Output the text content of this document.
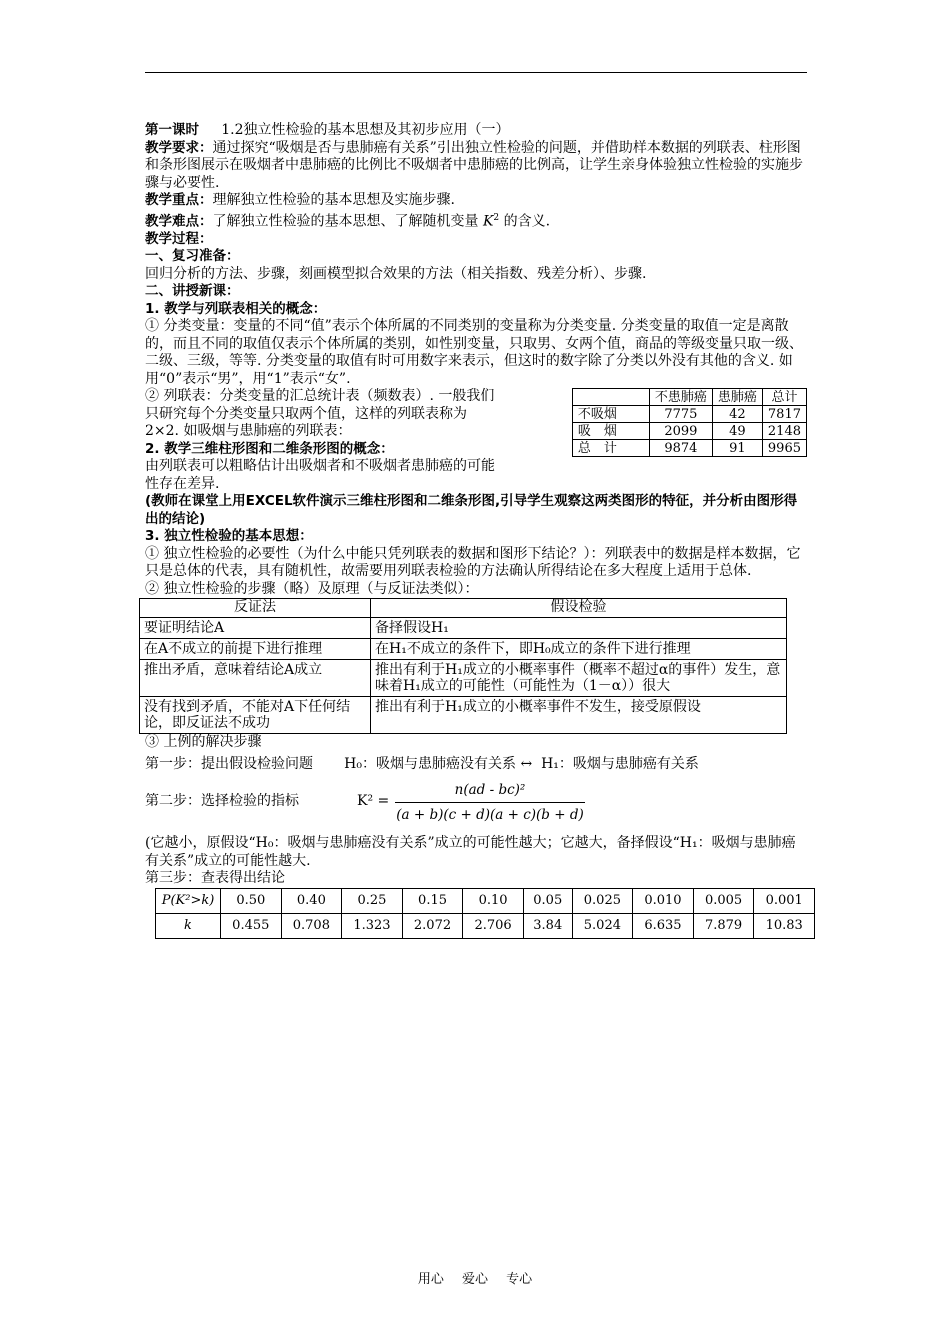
第一课时 1.2独立性检验的基本思想及其初步应用（一）

教学要求：通过探究“吸烟是否与患肺癌有关系”引出独立性检验的问题，并借助样本数据的列联表、柱形图和条形图展示在吸烟者中患肺癌的比例比不吸烟者中患肺癌的比例高，让学生亲身体验独立性检验的实施步骤与必要性.

教学重点：理解独立性检验的基本思想及实施步骤.

教学难点：了解独立性检验的基本思想、了解随机变量 $K^2$ 的含义.

教学过程：

一、复习准备：

回归分析的方法、步骤，刻画模型拟合效果的方法（相关指数、残差分析）、步骤.

二、讲授新课：

1. 教学与列联表相关的概念：

① 分类变量：变量的不同“值”表示个体所属的不同类别的变量称为分类变量. 分类变量的取值一定是离散的，而且不同的取值仅表示个体所属的类别，如性别变量，只取男、女两个值，商品的等级变量只取一级、二级、三级，等等. 分类变量的取值有时可用数字来表示，但这时的数字除了分类以外没有其他的含义. 如用“0”表示“男”，用“1”表示“女”.

	不患肺癌	患肺癌	总计
不吸烟	7775	42	7817
吸　烟	2099	49	2148
总　计	9874	91	9965

② 列联表：分类变量的汇总统计表（频数表）. 一般我们只研究每个分类变量只取两个值，这样的列联表称为2×2. 如吸烟与患肺癌的列联表：

2. 教学三维柱形图和二维条形图的概念：

由列联表可以粗略估计出吸烟者和不吸烟者患肺癌的可能性存在差异.

(教师在课堂上用EXCEL软件演示三维柱形图和二维条形图,引导学生观察这两类图形的特征，并分析由图形得出的结论)

3. 独立性检验的基本思想：

① 独立性检验的必要性（为什么中能只凭列联表的数据和图形下结论？）：列联表中的数据是样本数据，它只是总体的代表，具有随机性，故需要用列联表检验的方法确认所得结论在多大程度上适用于总体.

② 独立性检验的步骤（略）及原理（与反证法类似）：

反证法	假设检验
要证明结论A	备择假设H₁
在A不成立的前提下进行推理	在H₁不成立的条件下，即H₀成立的条件下进行推理
推出矛盾，意味着结论A成立	推出有利于H₁成立的小概率事件（概率不超过α的事件）发生，意味着H₁成立的可能性（可能性为（1－α））很大
没有找到矛盾，不能对A下任何结论，即反证法不成功	推出有利于H₁成立的小概率事件不发生，接受原假设

③ 上例的解决步骤

第一步：提出假设检验问题 H₀：吸烟与患肺癌没有关系 ↔ H₁：吸烟与患肺癌有关系

第二步：选择检验的指标	K² =
n(ad - bc)²
(a + b)(c + d)(a + c)(b + d)

(它越小，原假设“H₀：吸烟与患肺癌没有关系”成立的可能性越大；它越大，备择假设“H₁：吸烟与患肺癌有关系”成立的可能性越大.

第三步：查表得出结论

P(K²>k)	0.50	0.40	0.25	0.15	0.10	0.05	0.025	0.010	0.005	0.001
k	0.455	0.708	1.323	2.072	2.706	3.84	5.024	6.635	7.879	10.83
用心 爱心 专心
